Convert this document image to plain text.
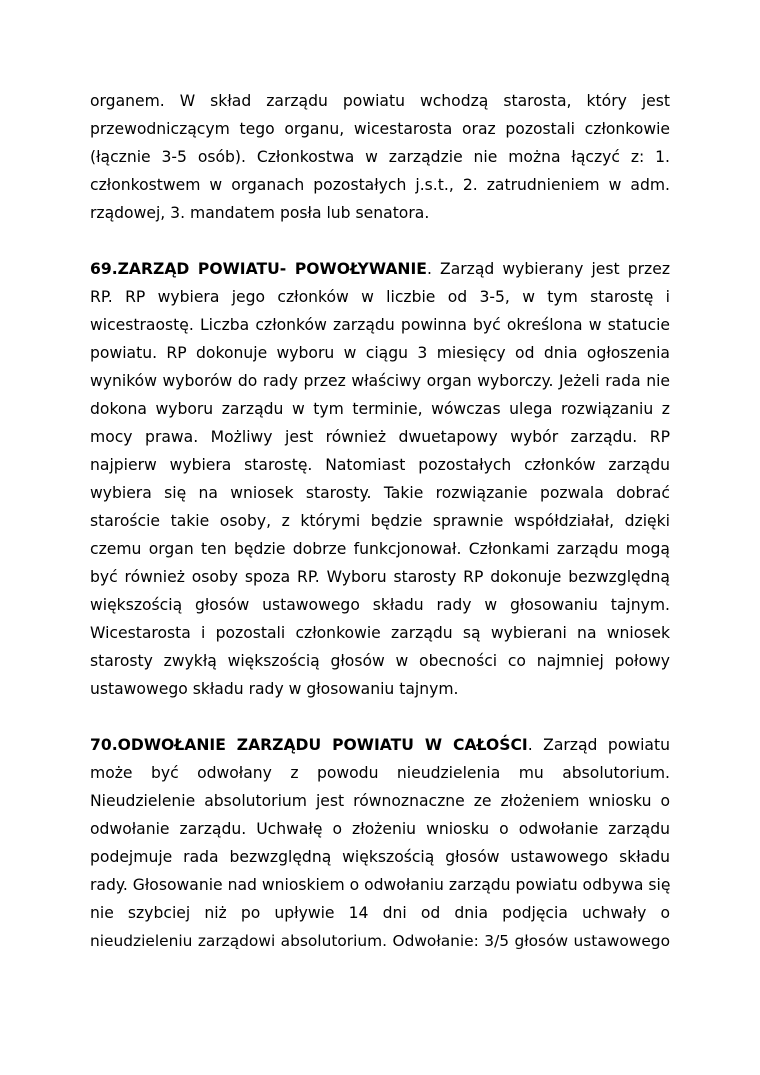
organem. W skład zarządu powiatu wchodzą starosta, który jest
przewodniczącym tego organu, wicestarosta oraz pozostali członkowie
(łącznie 3-5 osób). Członkostwa w zarządzie nie można łączyć z: 1.
członkostwem w organach pozostałych j.s.t., 2. zatrudnieniem w adm.
rządowej, 3. mandatem posła lub senatora.
69.ZARZĄD POWIATU- POWOŁYWANIE. Zarząd wybierany jest przez
RP. RP wybiera jego członków w liczbie od 3-5, w tym starostę i
wicestraostę. Liczba członków zarządu powinna być określona w statucie
powiatu. RP dokonuje wyboru w ciągu 3 miesięcy od dnia ogłoszenia
wyników wyborów do rady przez właściwy organ wyborczy. Jeżeli rada nie
dokona wyboru zarządu w tym terminie, wówczas ulega rozwiązaniu z
mocy prawa. Możliwy jest również dwuetapowy wybór zarządu. RP
najpierw wybiera starostę. Natomiast pozostałych członków zarządu
wybiera się na wniosek starosty. Takie rozwiązanie pozwala dobrać
staroście takie osoby, z którymi będzie sprawnie współdziałał, dzięki
czemu organ ten będzie dobrze funkcjonował. Członkami zarządu mogą
być również osoby spoza RP. Wyboru starosty RP dokonuje bezwzględną
większością głosów ustawowego składu rady w głosowaniu tajnym.
Wicestarosta i pozostali członkowie zarządu są wybierani na wniosek
starosty zwykłą większością głosów w obecności co najmniej połowy
ustawowego składu rady w głosowaniu tajnym.
70.ODWOŁANIE ZARZĄDU POWIATU W CAŁOŚCI. Zarząd powiatu
może być odwołany z powodu nieudzielenia mu absolutorium.
Nieudzielenie absolutorium jest równoznaczne ze złożeniem wniosku o
odwołanie zarządu. Uchwałę o złożeniu wniosku o odwołanie zarządu
podejmuje rada bezwzględną większością głosów ustawowego składu
rady. Głosowanie nad wnioskiem o odwołaniu zarządu powiatu odbywa się
nie szybciej niż po upływie 14 dni od dnia podjęcia uchwały o
nieudzieleniu zarządowi absolutorium. Odwołanie: 3/5 głosów ustawowego
